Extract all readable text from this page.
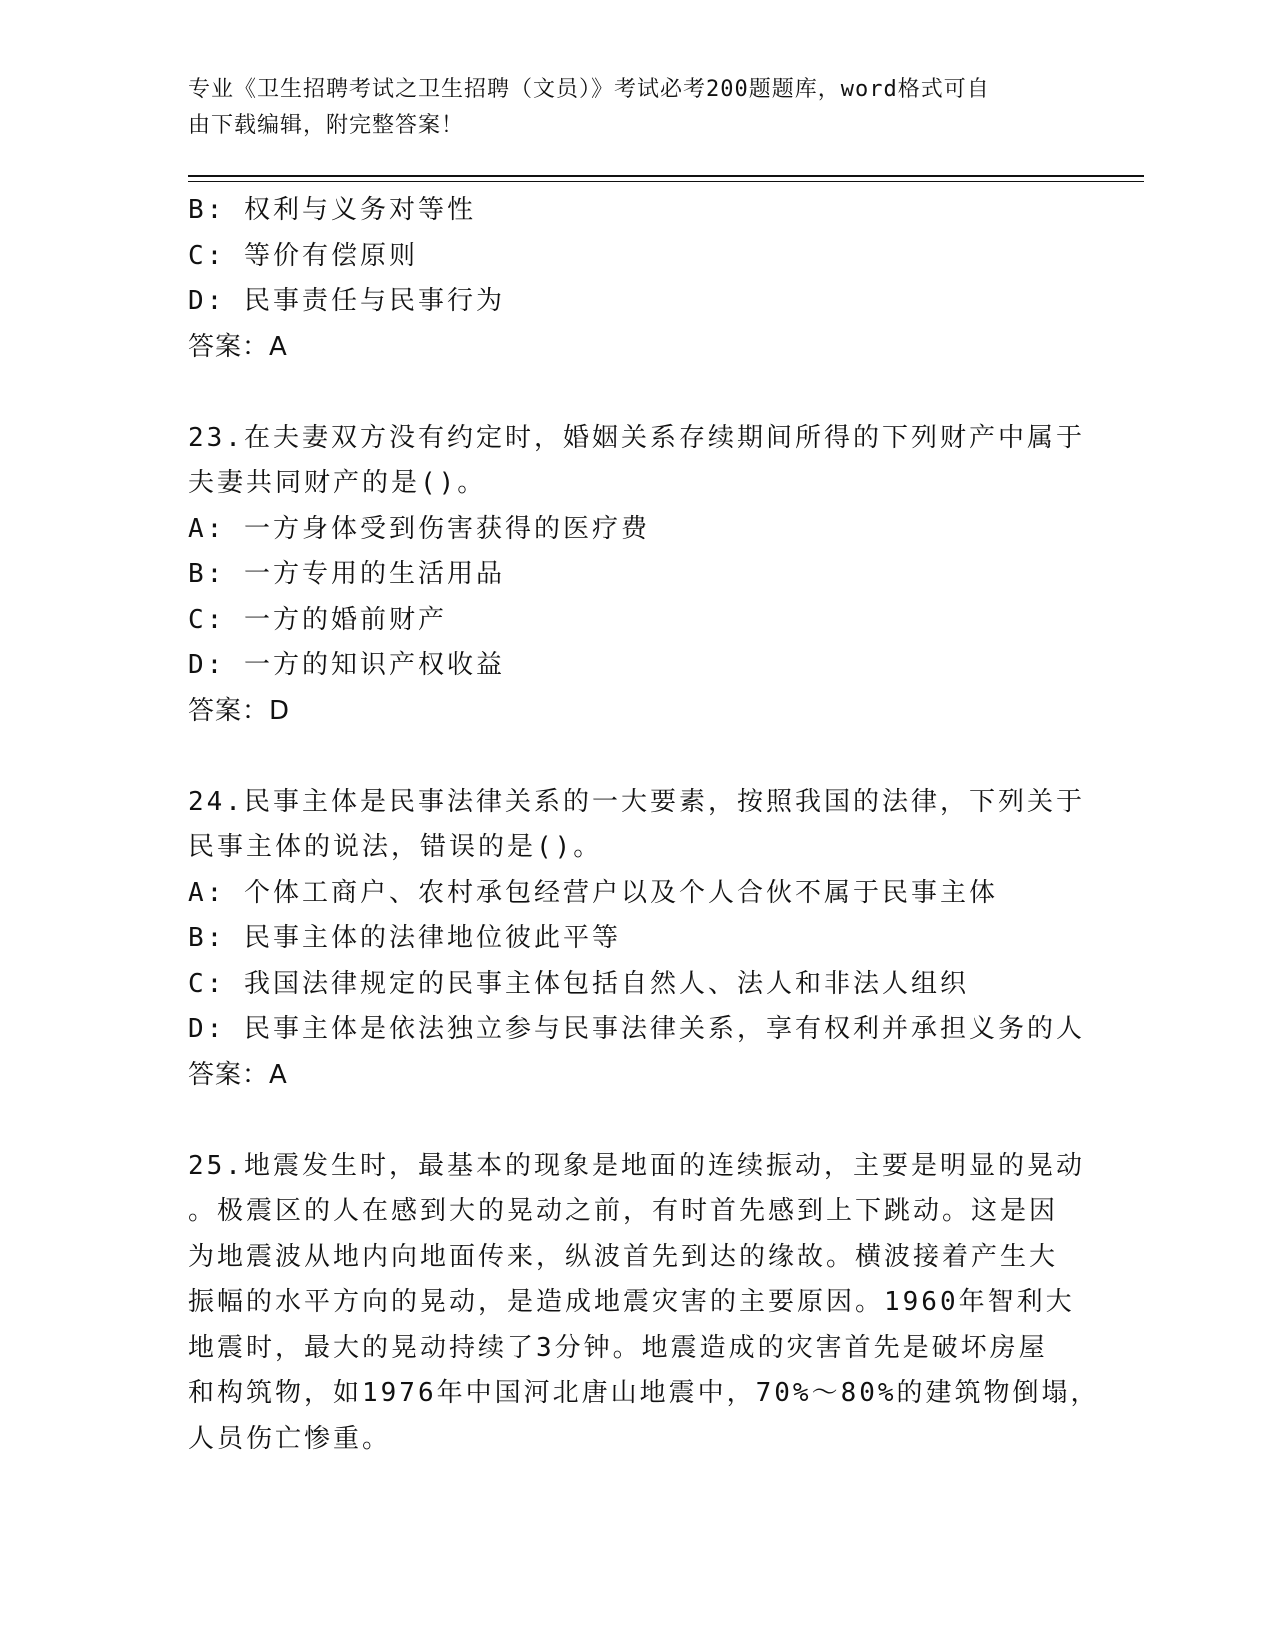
专业《卫生招聘考试之卫生招聘（文员）》考试必考200题题库，word格式可自
由下载编辑，附完整答案！
B: 权利与义务对等性
C: 等价有偿原则
D: 民事责任与民事行为
答案：A
23.在夫妻双方没有约定时，婚姻关系存续期间所得的下列财产中属于
夫妻共同财产的是()。
A: 一方身体受到伤害获得的医疗费
B: 一方专用的生活用品
C: 一方的婚前财产
D: 一方的知识产权收益
答案：D
24.民事主体是民事法律关系的一大要素，按照我国的法律，下列关于
民事主体的说法，错误的是()。
A: 个体工商户、农村承包经营户以及个人合伙不属于民事主体
B: 民事主体的法律地位彼此平等
C: 我国法律规定的民事主体包括自然人、法人和非法人组织
D: 民事主体是依法独立参与民事法律关系，享有权利并承担义务的人
答案：A

25.地震发生时，最基本的现象是地面的连续振动，主要是明显的晃动

。极震区的人在感到大的晃动之前，有时首先感到上下跳动。这是因

为地震波从地内向地面传来，纵波首先到达的缘故。横波接着产生大

振幅的水平方向的晃动，是造成地震灾害的主要原因。1960年智利大

地震时，最大的晃动持续了3分钟。地震造成的灾害首先是破坏房屋

和构筑物，如1976年中国河北唐山地震中，70%～80%的建筑物倒塌，

人员伤亡惨重。
